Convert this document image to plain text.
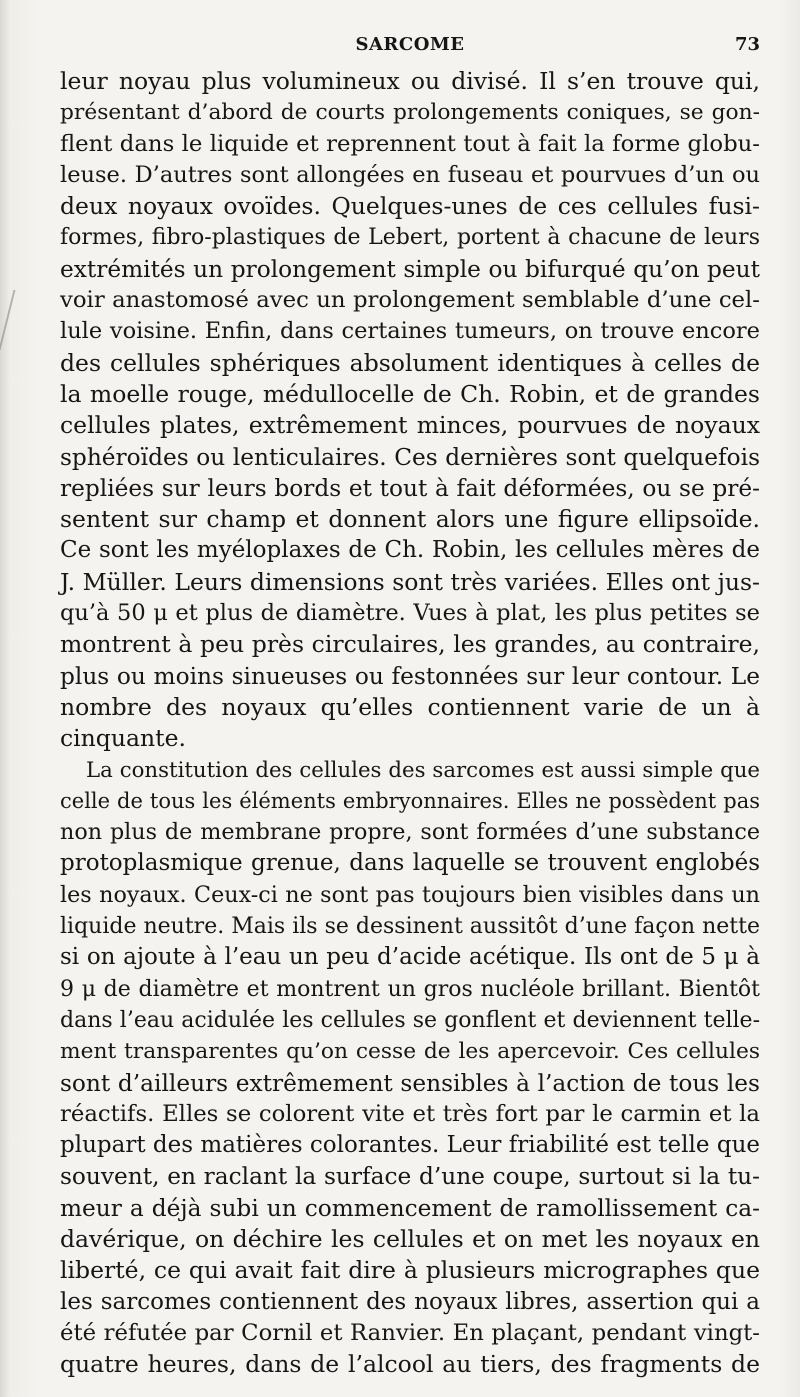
SARCOME	73
leur noyau plus volumineux ou divisé. Il s’en trouve qui,
présentant d’abord de courts prolongements coniques, se gon-
flent dans le liquide et reprennent tout à fait la forme globu-
leuse. D’autres sont allongées en fuseau et pourvues d’un ou
deux noyaux ovoïdes. Quelques-unes de ces cellules fusi-
formes, fibro-plastiques de Lebert, portent à chacune de leurs
extrémités un prolongement simple ou bifurqué qu’on peut
voir anastomosé avec un prolongement semblable d’une cel-
lule voisine. Enfin, dans certaines tumeurs, on trouve encore
des cellules sphériques absolument identiques à celles de
la moelle rouge, médullocelle de Ch. Robin, et de grandes
cellules plates, extrêmement minces, pourvues de noyaux
sphéroïdes ou lenticulaires. Ces dernières sont quelquefois
repliées sur leurs bords et tout à fait déformées, ou se pré-
sentent sur champ et donnent alors une figure ellipsoïde.
Ce sont les myéloplaxes de Ch. Robin, les cellules mères de
J. Müller. Leurs dimensions sont très variées. Elles ont jus-
qu’à 50 μ et plus de diamètre. Vues à plat, les plus petites se
montrent à peu près circulaires, les grandes, au contraire,
plus ou moins sinueuses ou festonnées sur leur contour. Le
nombre des noyaux qu’elles contiennent varie de un à
cinquante.
La constitution des cellules des sarcomes est aussi simple que
celle de tous les éléments embryonnaires. Elles ne possèdent pas
non plus de membrane propre, sont formées d’une substance
protoplasmique grenue, dans laquelle se trouvent englobés
les noyaux. Ceux-ci ne sont pas toujours bien visibles dans un
liquide neutre. Mais ils se dessinent aussitôt d’une façon nette
si on ajoute à l’eau un peu d’acide acétique. Ils ont de 5 μ à
9 μ de diamètre et montrent un gros nucléole brillant. Bientôt
dans l’eau acidulée les cellules se gonflent et deviennent telle-
ment transparentes qu’on cesse de les apercevoir. Ces cellules
sont d’ailleurs extrêmement sensibles à l’action de tous les
réactifs. Elles se colorent vite et très fort par le carmin et la
plupart des matières colorantes. Leur friabilité est telle que
souvent, en raclant la surface d’une coupe, surtout si la tu-
meur a déjà subi un commencement de ramollissement ca-
davérique, on déchire les cellules et on met les noyaux en
liberté, ce qui avait fait dire à plusieurs micrographes que
les sarcomes contiennent des noyaux libres, assertion qui a
été réfutée par Cornil et Ranvier. En plaçant, pendant vingt-
quatre heures, dans de l’alcool au tiers, des fragments de
